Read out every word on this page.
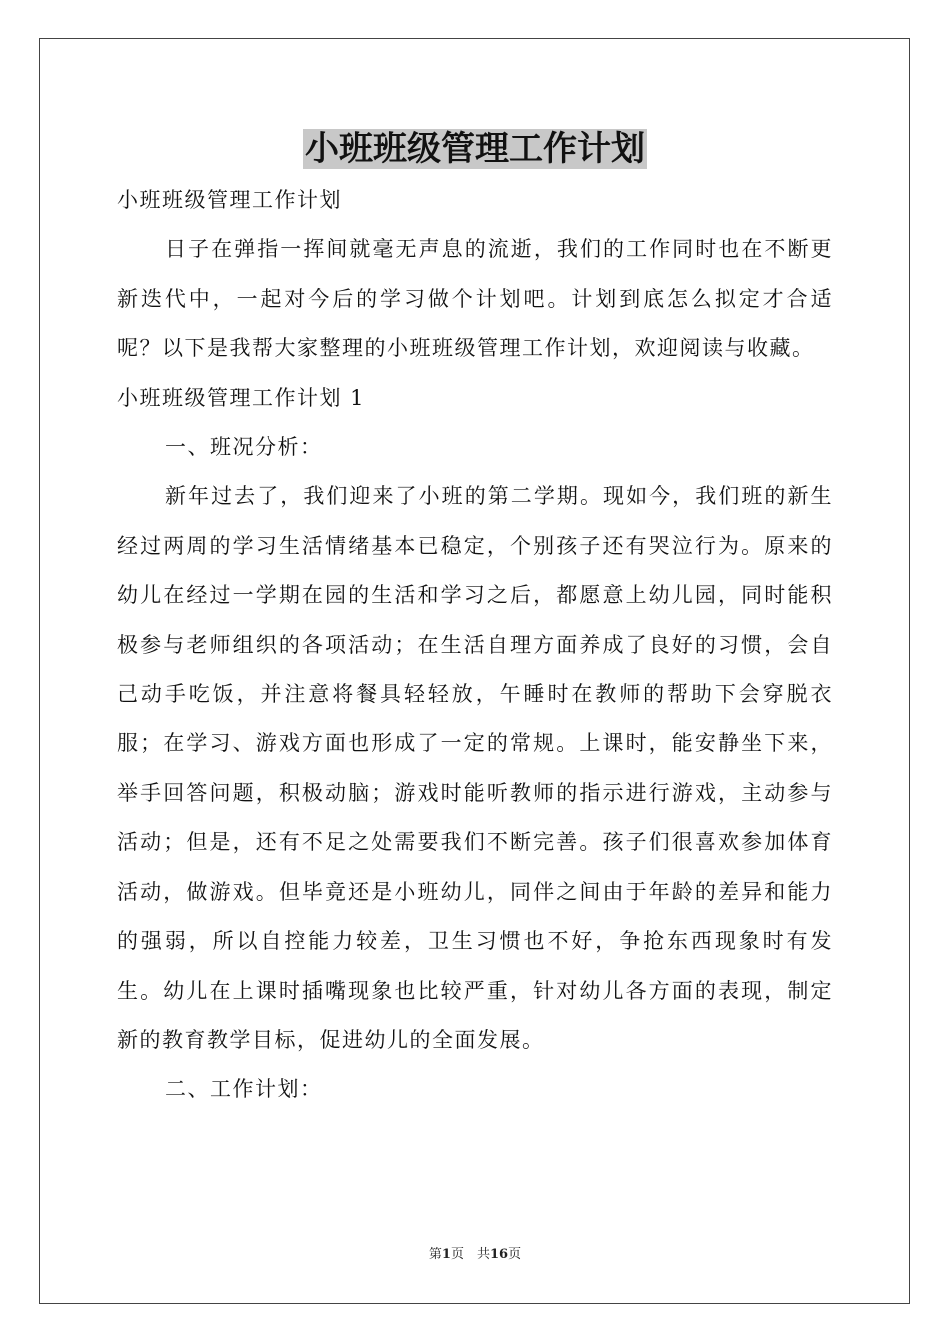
小班班级管理工作计划

小班班级管理工作计划

日子在弹指一挥间就毫无声息的流逝，我们的工作同时也在不断更新迭代中，一起对今后的学习做个计划吧。计划到底怎么拟定才合适呢？以下是我帮大家整理的小班班级管理工作计划，欢迎阅读与收藏。

小班班级管理工作计划 1

一、班况分析：

新年过去了，我们迎来了小班的第二学期。现如今，我们班的新生经过两周的学习生活情绪基本已稳定，个别孩子还有哭泣行为。原来的幼儿在经过一学期在园的生活和学习之后，都愿意上幼儿园，同时能积极参与老师组织的各项活动；在生活自理方面养成了良好的习惯，会自己动手吃饭，并注意将餐具轻轻放，午睡时在教师的帮助下会穿脱衣服；在学习、游戏方面也形成了一定的常规。上课时，能安静坐下来，举手回答问题，积极动脑；游戏时能听教师的指示进行游戏，主动参与活动；但是，还有不足之处需要我们不断完善。孩子们很喜欢参加体育活动，做游戏。但毕竟还是小班幼儿，同伴之间由于年龄的差异和能力的强弱，所以自控能力较差，卫生习惯也不好，争抢东西现象时有发生。幼儿在上课时插嘴现象也比较严重，针对幼儿各方面的表现，制定新的教育教学目标，促进幼儿的全面发展。

二、工作计划：

第1页　共16页
